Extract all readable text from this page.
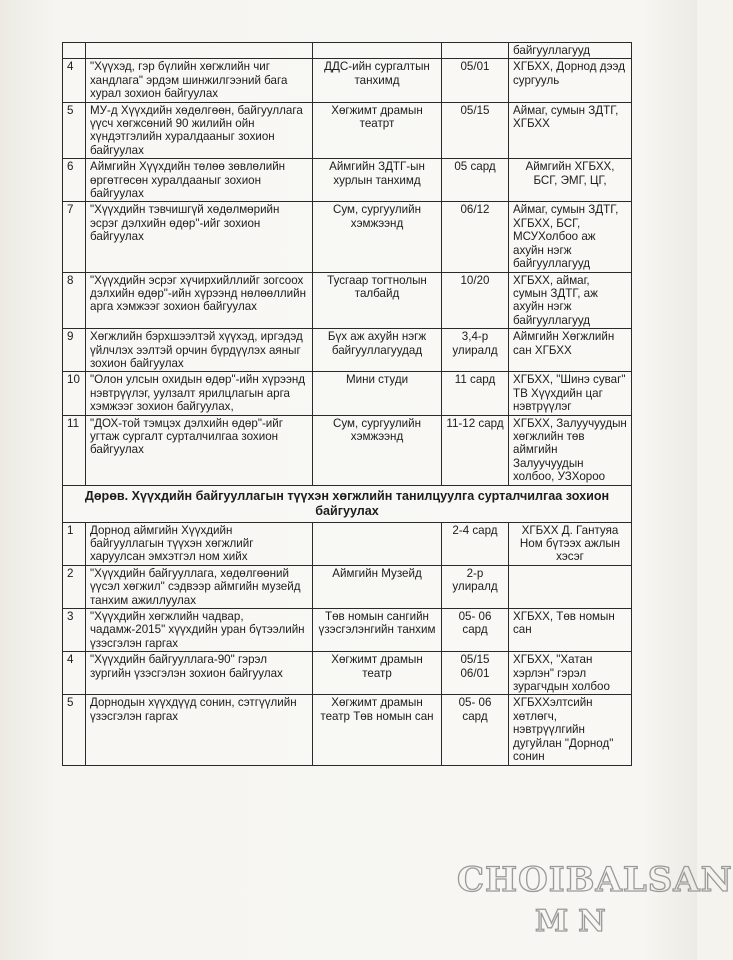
				байгууллагууд
4	"Хүүхэд, гэр бүлийн хөгжлийн чиг хандлага" эрдэм шинжилгээний бага хурал зохион байгуулах	ДДС-ийн сургалтын танхимд	05/01	ХГБХХ, Дорнод дээд сургууль
5	МУ-д Хүүхдийн хөдөлгөөн, байгууллага үүсч хөгжсөний 90 жилийн ойн хүндэтгэлийн хуралдааныг зохион байгуулах	Хөгжимт драмын театрт	05/15	Аймаг, сумын ЗДТГ, ХГБХХ
6	Аймгийн Хүүхдийн төлөө зөвлөлийн өргөтгөсөн хуралдааныг зохион байгуулах	Аймгийн ЗДТГ-ын хурлын танхимд	05 сард	Аймгийн ХГБХХ, БСГ, ЭМГ, ЦГ,
7	"Хүүхдийн тэвчишгүй хөдөлмөрийн эсрэг дэлхийн өдөр"-ийг зохион байгуулах	Сум, сургуулийн хэмжээнд	06/12	Аймаг, сумын ЗДТГ, ХГБХХ, БСГ, МСУХолбоо аж ахуйн нэгж байгууллагууд
8	"Хүүхдийн эсрэг хүчирхийллийг зогсоох дэлхийн өдөр"-ийн хүрээнд нөлөөллийн арга хэмжээг зохион байгуулах	Тусгаар тогтнолын талбайд	10/20	ХГБХХ, аймаг, сумын ЗДТГ, аж ахуйн нэгж байгууллагууд
9	Хөгжлийн бэрхшээлтэй хүүхэд, иргэдэд үйлчлэх ээлтэй орчин бүрдүүлэх аяныг зохион байгуулах	Бүх аж ахуйн нэгж байгууллагуудад	3,4-р улиралд	Аймгийн Хөгжлийн сан ХГБХХ
10	"Олон улсын охидын өдөр"-ийн хүрээнд нэвтрүүлэг, уулзалт ярилцлагын арга хэмжээг зохион байгуулах,	Мини студи	11 сард	ХГБХХ, "Шинэ суваг" ТВ Хүүхдийн цаг нэвтрүүлэг
11	"ДОХ-той тэмцэх дэлхийн өдөр"-ийг угтаж сургалт сурталчилгаа зохион байгуулах	Сум, сургуулийн хэмжээнд	11-12 сард	ХГБХХ, Залуучуудын хөгжлийн төв аймгийн Залуучуудын холбоо, УЗХороо
Дөрөв. Хүүхдийн байгууллагын түүхэн хөгжлийн танилцуулга сурталчилгаа зохион байгуулах				
1	Дорнод аймгийн Хүүхдийн байгууллагын түүхэн хөгжлийг харуулсан эмхэтгэл ном хийх		2-4 сард	ХГБХХ Д. Гантуяа Ном бүтээх ажлын хэсэг
2	"Хүүхдийн байгууллага, хөдөлгөөний үүсэл хөгжил" сэдвээр аймгийн музейд танхим ажиллуулах	Аймгийн Музейд	2-р улиралд	
3	"Хүүхдийн хөгжлийн чадвар, чадамж-2015" хүүхдийн уран бүтээлийн үзэсгэлэн гаргах	Төв номын сангийн үзэсгэлэнгийн танхим	05- 06 сард	ХГБХХ, Төв номын сан
4	"Хүүхдийн байгууллага-90" гэрэл зургийн үзэсгэлэн зохион байгуулах	Хөгжимт драмын театр	05/15 06/01	ХГБХХ, "Хатан хэрлэн" гэрэл зурагчдын холбоо
5	Дорнодын хүүхдүүд сонин, сэтгүүлийн үзэсгэлэн гаргах	Хөгжимт драмын театр Төв номын сан	05- 06 сард	ХГБХХэлтсийн хөтлөгч, нэвтрүүлгийн дугуйлан "Дорнод" сонин
CHOIBALSAN
MN
